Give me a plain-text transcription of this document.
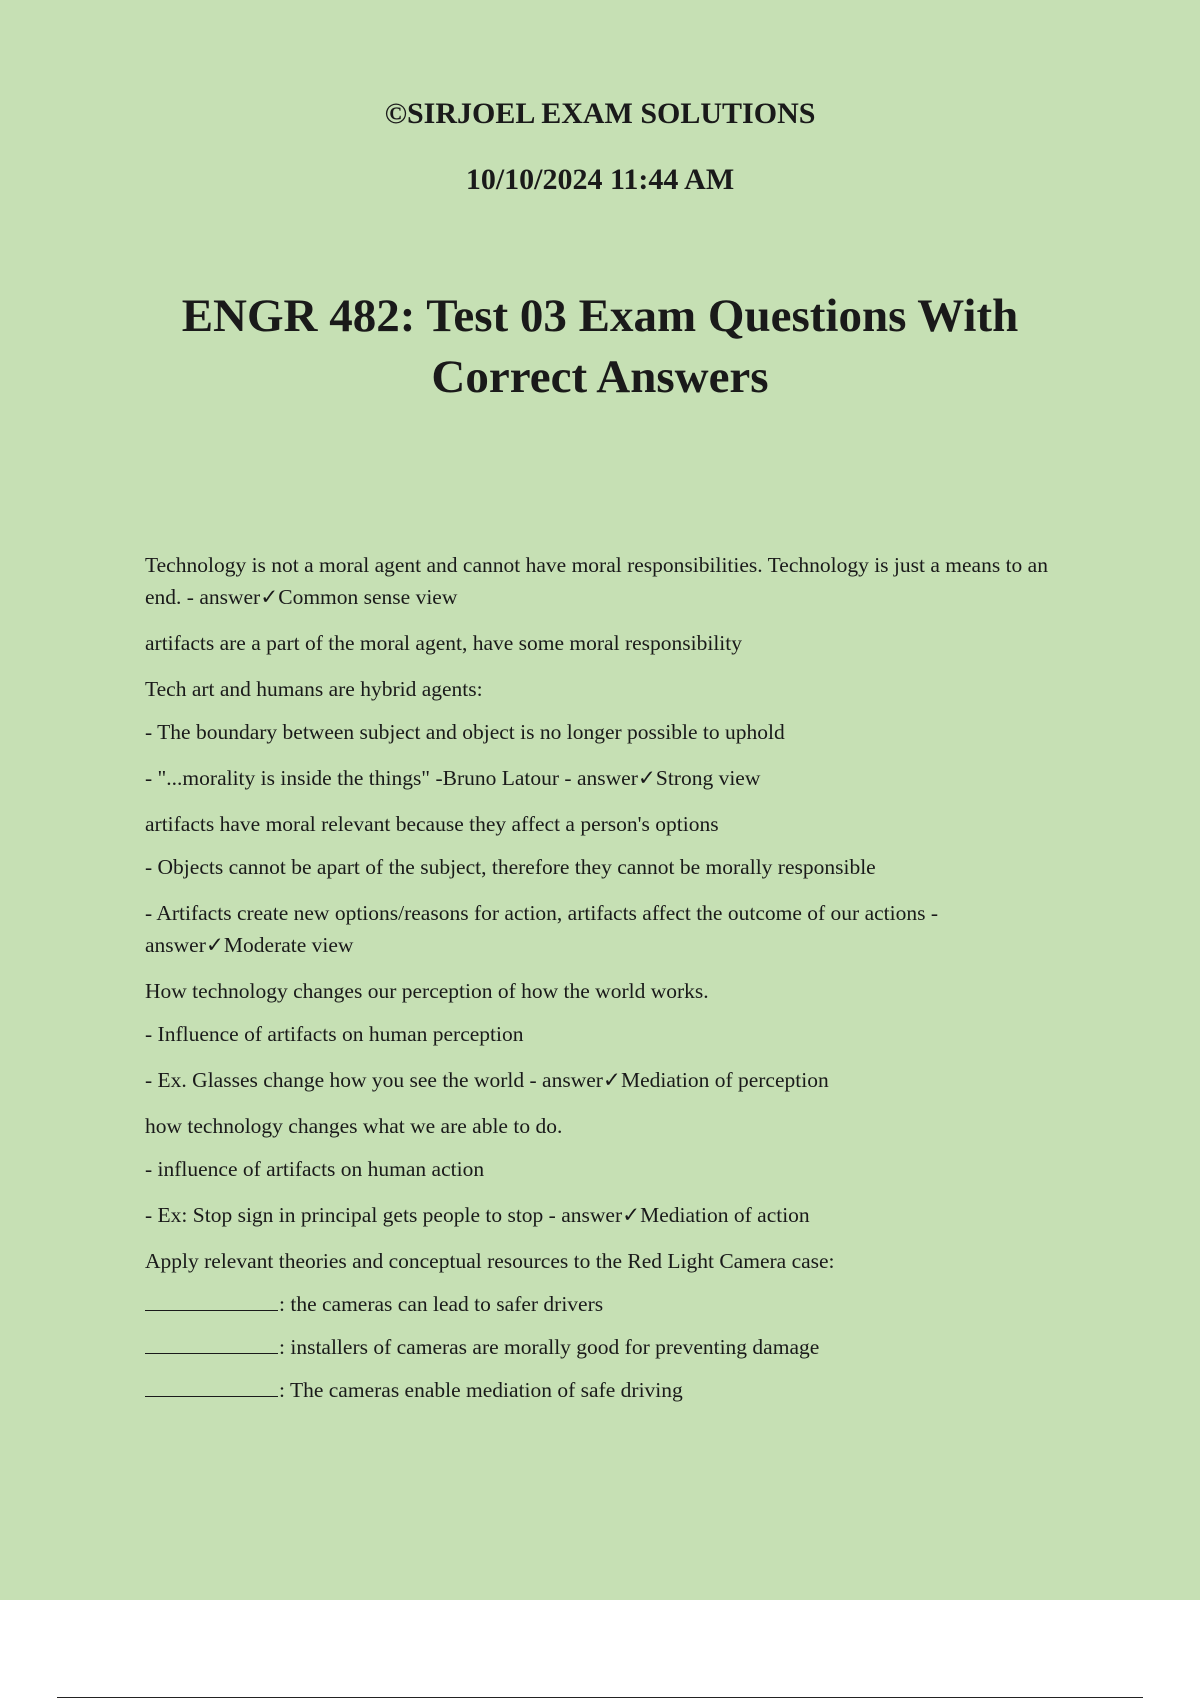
©SIRJOEL EXAM SOLUTIONS
10/10/2024 11:44 AM
ENGR 482: Test 03 Exam Questions With Correct Answers

Technology is not a moral agent and cannot have moral responsibilities. Technology is just a means to an end. - answer✓Common sense view

artifacts are a part of the moral agent, have some moral responsibility

Tech art and humans are hybrid agents:

- The boundary between subject and object is no longer possible to uphold

- "...morality is inside the things" -Bruno Latour - answer✓Strong view

artifacts have moral relevant because they affect a person's options

- Objects cannot be apart of the subject, therefore they cannot be morally responsible

- Artifacts create new options/reasons for action, artifacts affect the outcome of our actions - answer✓Moderate view

How technology changes our perception of how the world works.

- Influence of artifacts on human perception

- Ex. Glasses change how you see the world - answer✓Mediation of perception

how technology changes what we are able to do.

- influence of artifacts on human action

- Ex: Stop sign in principal gets people to stop - answer✓Mediation of action

Apply relevant theories and conceptual resources to the Red Light Camera case:

: the cameras can lead to safer drivers

: installers of cameras are morally good for preventing damage

: The cameras enable mediation of safe driving
